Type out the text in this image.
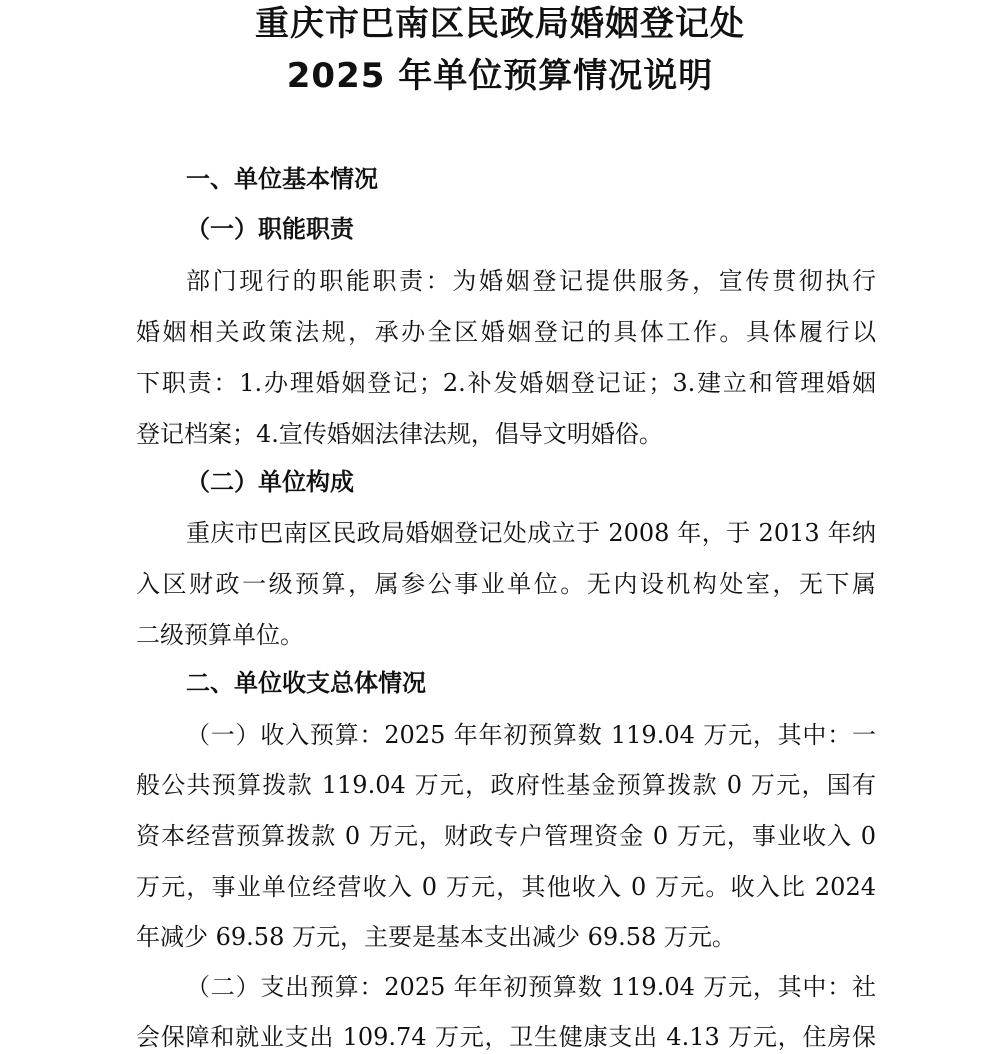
重庆市巴南区民政局婚姻登记处
2025 年单位预算情况说明
一、单位基本情况
（一）职能职责

部门现行的职能职责：为婚姻登记提供服务，宣传贯彻执行

婚姻相关政策法规，承办全区婚姻登记的具体工作。具体履行以

下职责：1.办理婚姻登记；2.补发婚姻登记证；3.建立和管理婚姻

登记档案；4.宣传婚姻法律法规，倡导文明婚俗。

（二）单位构成

重庆市巴南区民政局婚姻登记处成立于 2008 年，于 2013 年纳

入区财政一级预算，属参公事业单位。无内设机构处室，无下属

二级预算单位。

二、单位收支总体情况

（一）收入预算：2025 年年初预算数 119.04 万元，其中：一

般公共预算拨款 119.04 万元，政府性基金预算拨款 0 万元，国有

资本经营预算拨款 0 万元，财政专户管理资金 0 万元，事业收入 0

万元，事业单位经营收入 0 万元，其他收入 0 万元。收入比 2024

年减少 69.58 万元，主要是基本支出减少 69.58 万元。

（二）支出预算：2025 年年初预算数 119.04 万元，其中：社

会保障和就业支出 109.74 万元，卫生健康支出 4.13 万元，住房保
